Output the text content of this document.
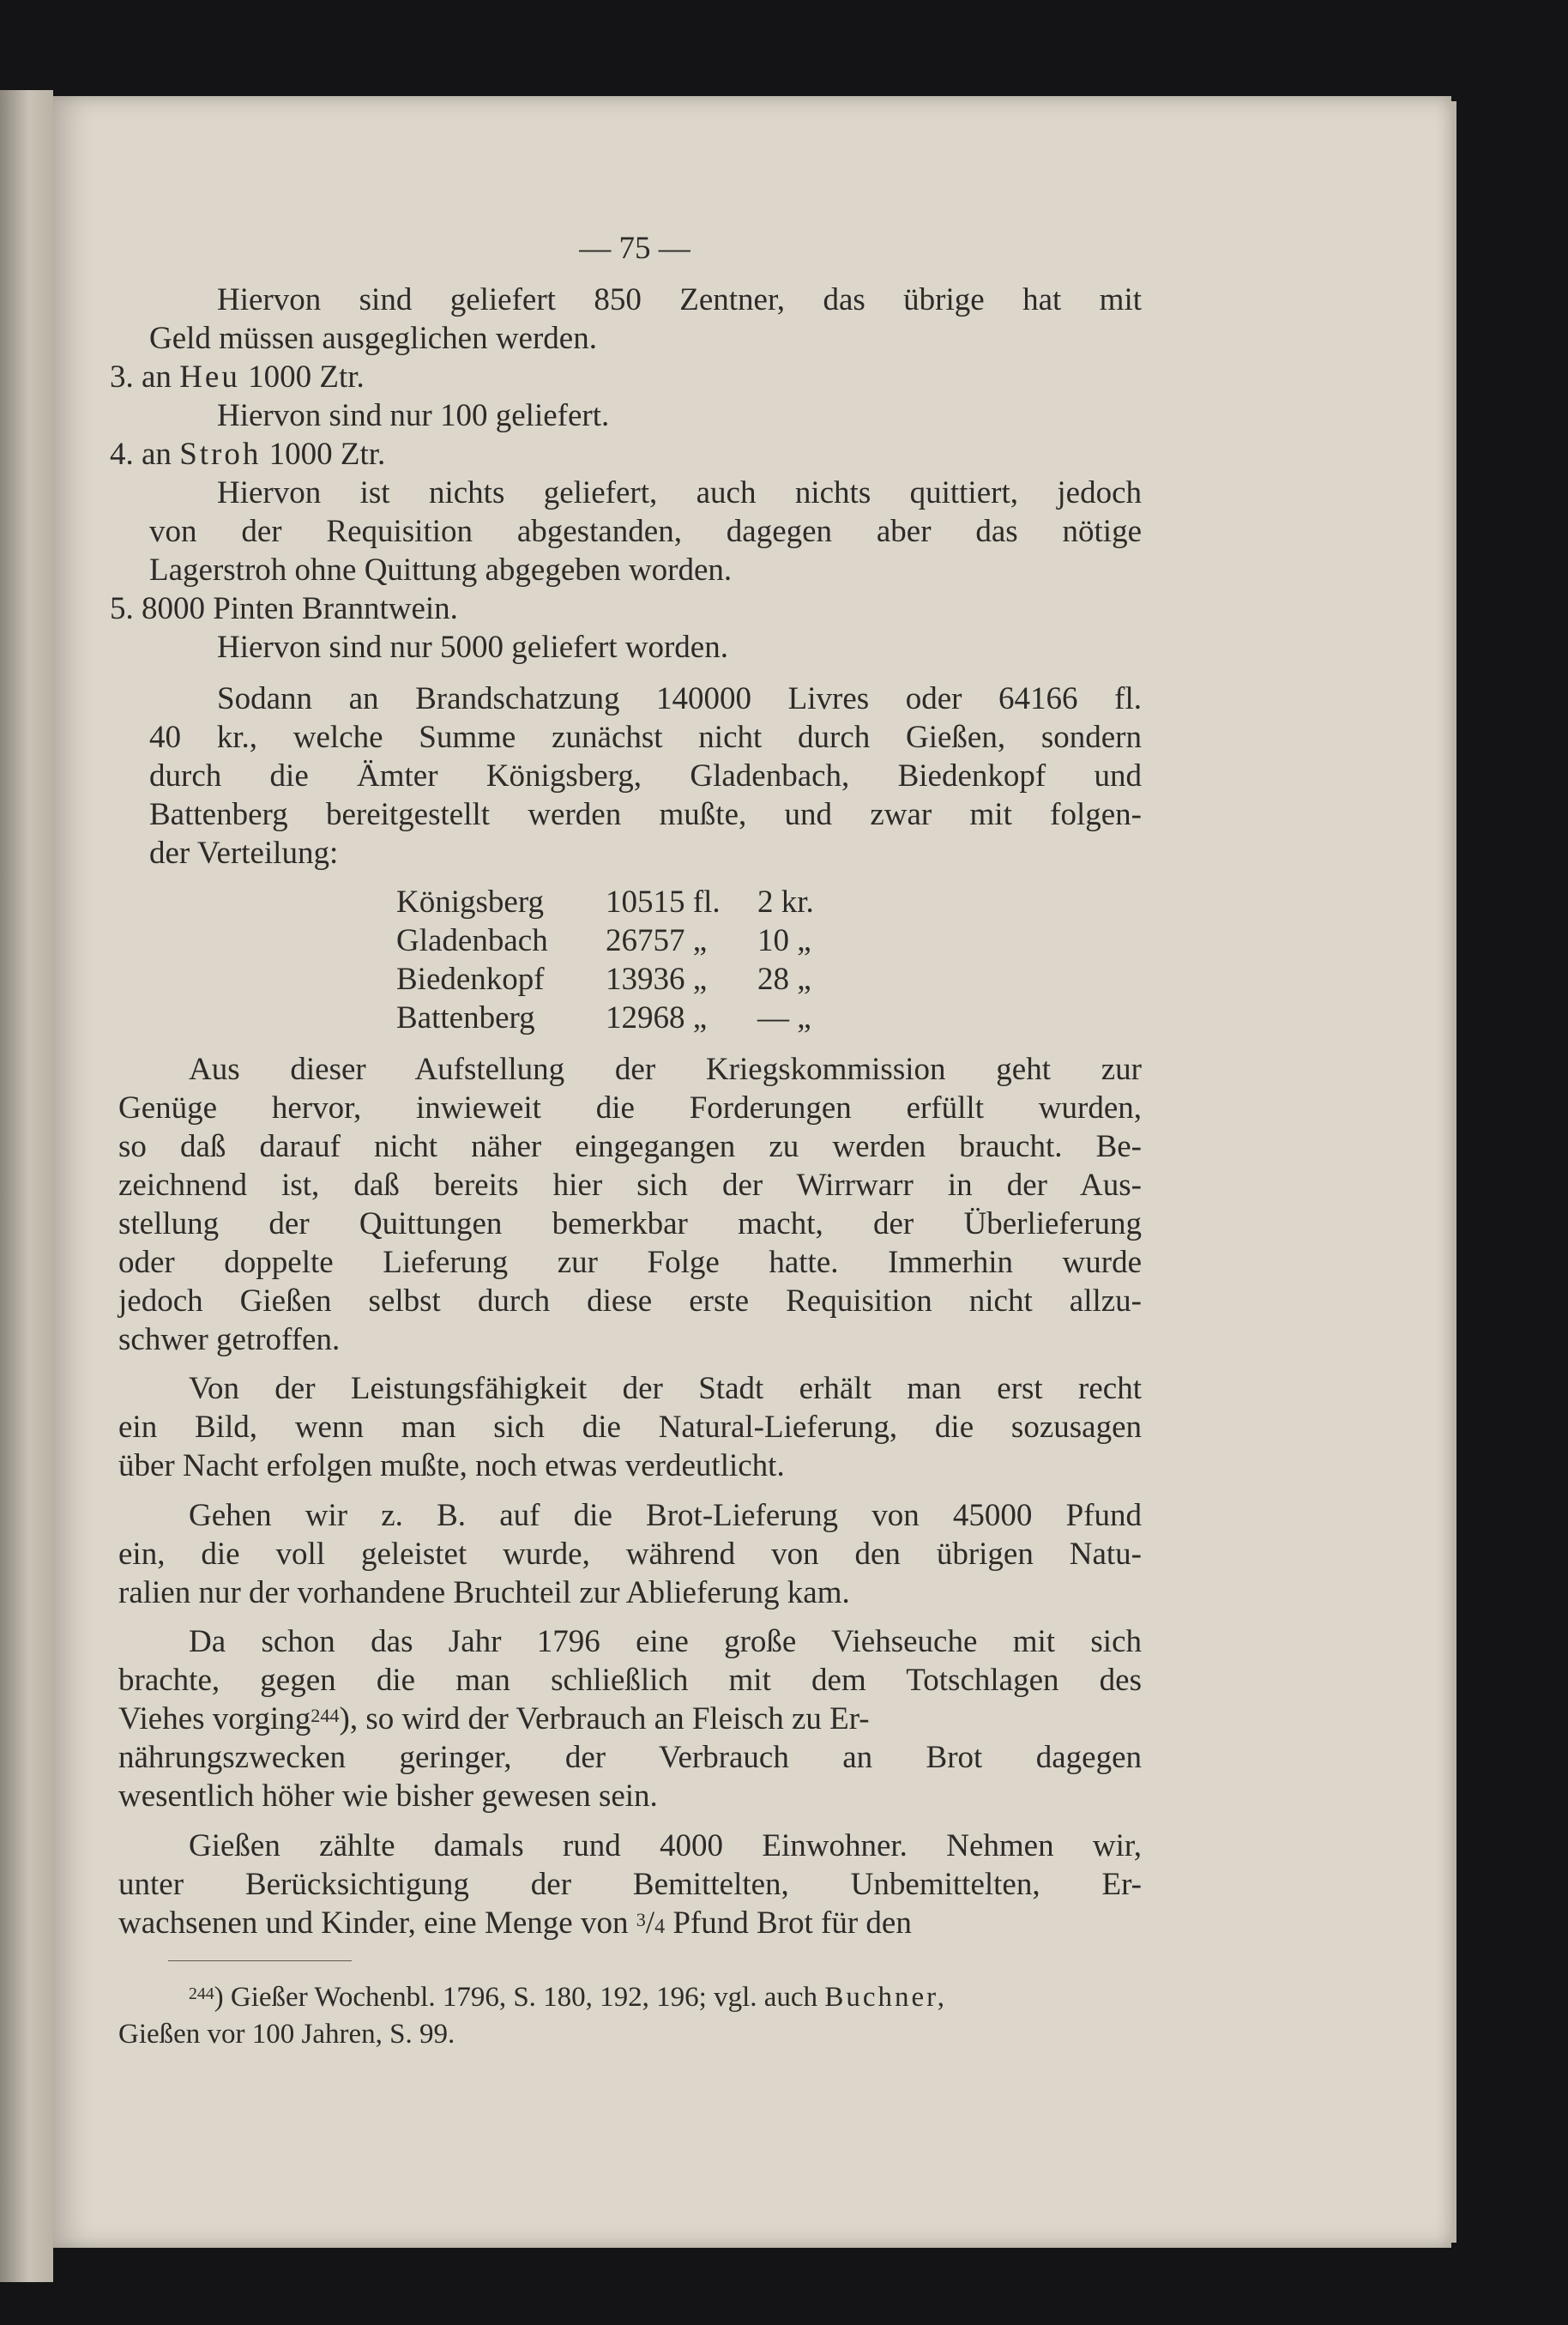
— 75 —
Hiervon sind geliefert 850 Zentner, das übrige hat mit
Geld müssen ausgeglichen werden.
3. an Heu 1000 Ztr.
Hiervon sind nur 100 geliefert.
4. an Stroh 1000 Ztr.
Hiervon ist nichts geliefert, auch nichts quittiert, jedoch
von der Requisition abgestanden, dagegen aber das nötige
Lagerstroh ohne Quittung abgegeben worden.
5. 8000 Pinten Branntwein.
Hiervon sind nur 5000 geliefert worden.
Sodann an Brandschatzung 140000 Livres oder 64166 fl.
40 kr., welche Summe zunächst nicht durch Gießen, sondern
durch die Ämter Königsberg, Gladenbach, Biedenkopf und
Battenberg bereitgestellt werden mußte, und zwar mit folgen-
der Verteilung:
Königsberg 10515 fl. 2 kr.
Gladenbach 26757 „ 10 „
Biedenkopf 13936 „ 28 „
Battenberg 12968 „ — „
Aus dieser Aufstellung der Kriegskommission geht zur
Genüge hervor, inwieweit die Forderungen erfüllt wurden,
so daß darauf nicht näher eingegangen zu werden braucht. Be-
zeichnend ist, daß bereits hier sich der Wirrwarr in der Aus-
stellung der Quittungen bemerkbar macht, der Überlieferung
oder doppelte Lieferung zur Folge hatte. Immerhin wurde
jedoch Gießen selbst durch diese erste Requisition nicht allzu-
schwer getroffen.
Von der Leistungsfähigkeit der Stadt erhält man erst recht
ein Bild, wenn man sich die Natural-Lieferung, die sozusagen
über Nacht erfolgen mußte, noch etwas verdeutlicht.
Gehen wir z. B. auf die Brot-Lieferung von 45000 Pfund
ein, die voll geleistet wurde, während von den übrigen Natu-
ralien nur der vorhandene Bruchteil zur Ablieferung kam.
Da schon das Jahr 1796 eine große Viehseuche mit sich
brachte, gegen die man schließlich mit dem Totschlagen des
Viehes vorging$^{244}$), so wird der Verbrauch an Fleisch zu Er-
nährungszwecken geringer, der Verbrauch an Brot dagegen
wesentlich höher wie bisher gewesen sein.
Gießen zählte damals rund 4000 Einwohner. Nehmen wir,
unter Berücksichtigung der Bemittelten, Unbemittelten, Er-
wachsenen und Kinder, eine Menge von $^3$/4 Pfund Brot für den
$^{244}$) Gießer Wochenbl. 1796, S. 180, 192, 196; vgl. auch Buchner,
Gießen vor 100 Jahren, S. 99.
